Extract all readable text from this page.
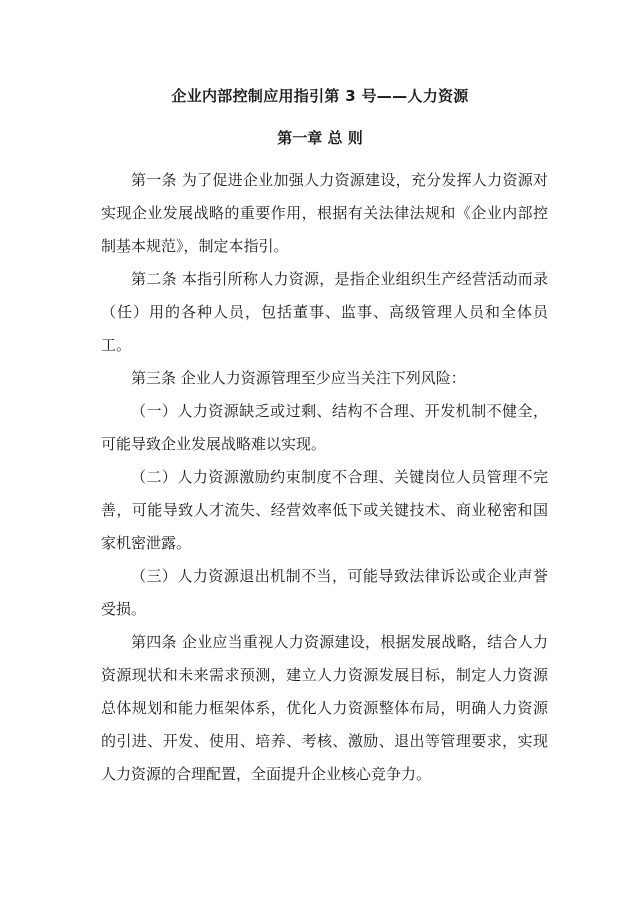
企业内部控制应用指引第 3 号——人力资源
第一章 总 则

第一条 为了促进企业加强人力资源建设，充分发挥人力资源对实现企业发展战略的重要作用，根据有关法律法规和《企业内部控制基本规范》，制定本指引。

第二条 本指引所称人力资源，是指企业组织生产经营活动而录（任）用的各种人员，包括董事、监事、高级管理人员和全体员工。

第三条 企业人力资源管理至少应当关注下列风险：

（一）人力资源缺乏或过剩、结构不合理、开发机制不健全，可能导致企业发展战略难以实现。

（二）人力资源激励约束制度不合理、关键岗位人员管理不完善，可能导致人才流失、经营效率低下或关键技术、商业秘密和国家机密泄露。

（三）人力资源退出机制不当，可能导致法律诉讼或企业声誉受损。

第四条 企业应当重视人力资源建设，根据发展战略，结合人力资源现状和未来需求预测，建立人力资源发展目标，制定人力资源总体规划和能力框架体系，优化人力资源整体布局，明确人力资源的引进、开发、使用、培养、考核、激励、退出等管理要求，实现人力资源的合理配置，全面提升企业核心竞争力。
